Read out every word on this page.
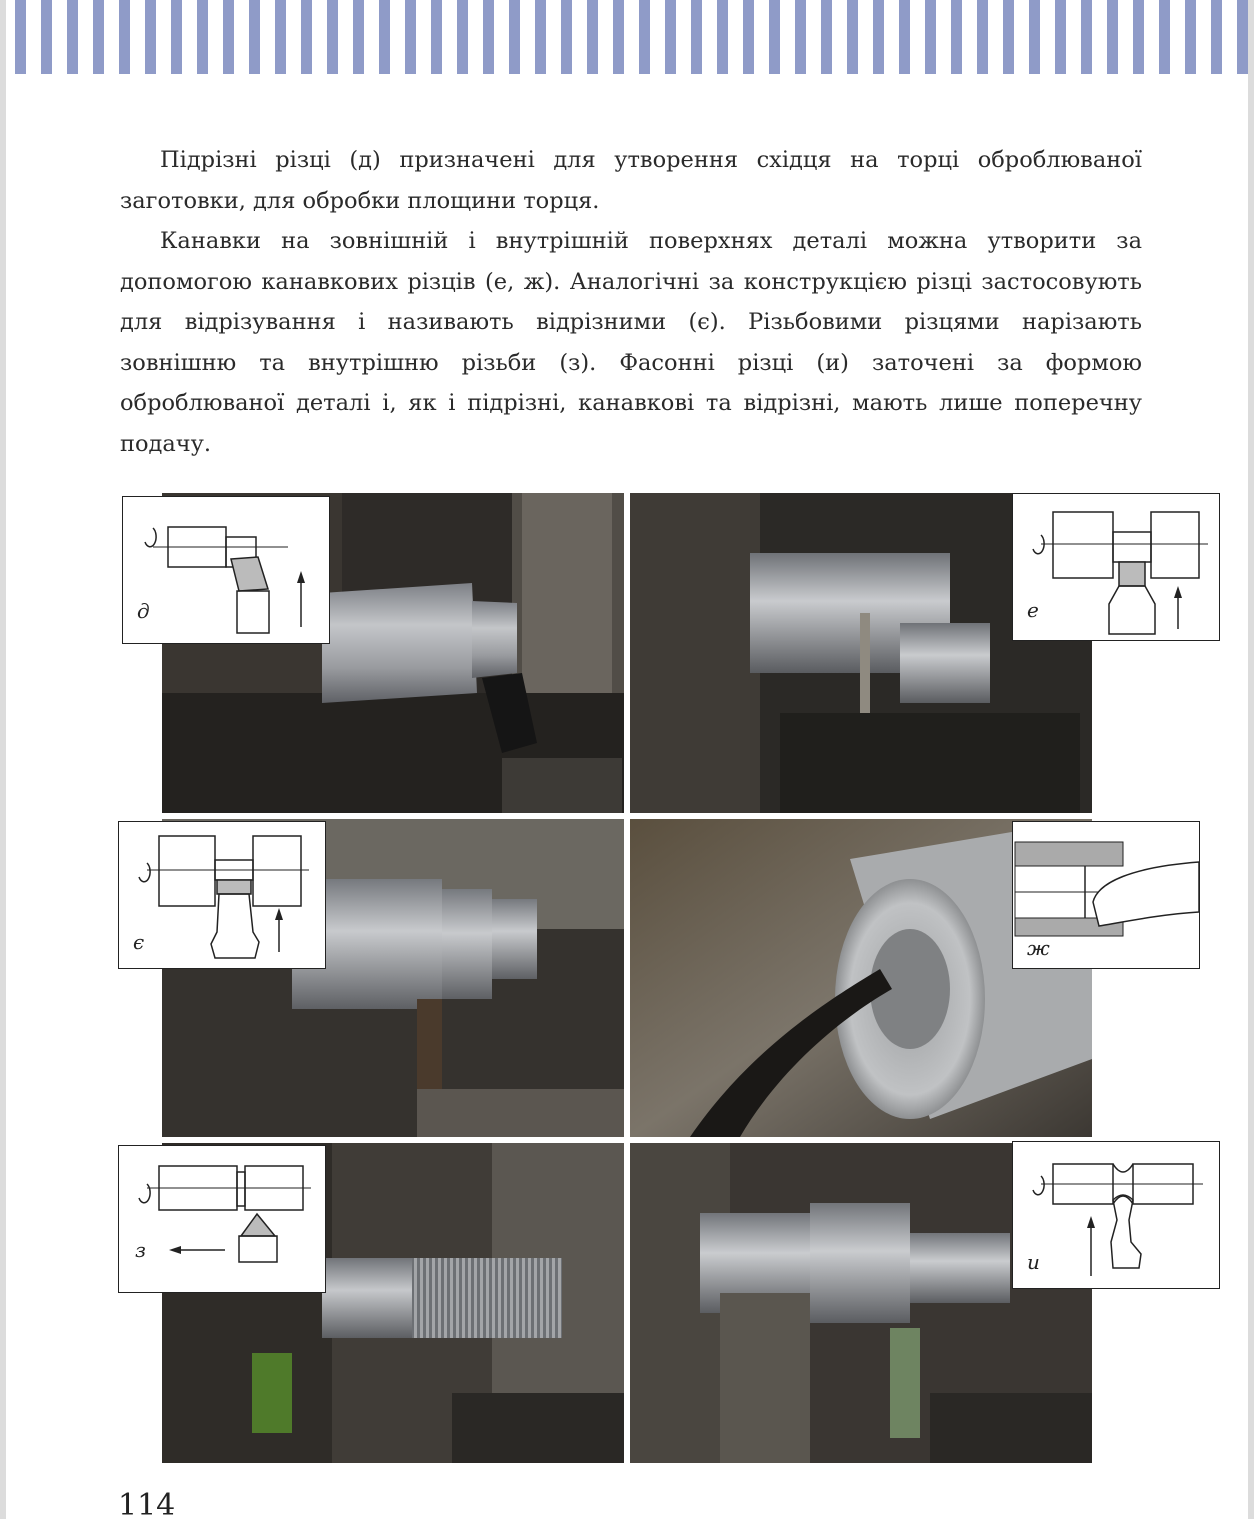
Підрізні різці (д) призначені для утворення східця на торці оброблюваної заготовки, для обробки площини торця.

Канавки на зовнішній і внутрішній поверхнях деталі можна утворити за допомогою канавкових різців (е, ж). Аналогічні за конструкцією різці застосовують для відрізування і називають відрізними (є). Різьбовими різцями нарізають зовнішню та внутрішню різьби (з). Фасонні різці (и) заточені за формою оброблюваної деталі і, як і підрізні, канавкові та відрізні, мають лише поперечну подачу.

д	е
є	ж
з	и
114
